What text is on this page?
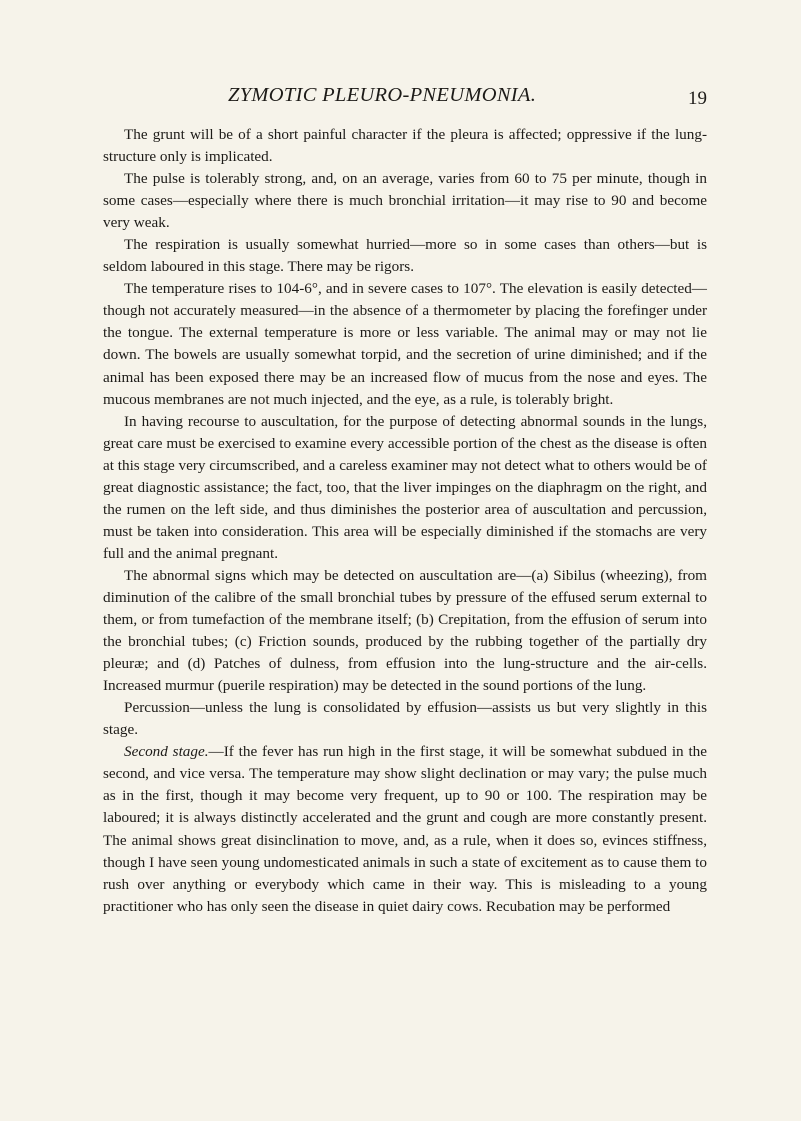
ZYMOTIC PLEURO-PNEUMONIA.	19

The grunt will be of a short painful character if the pleura is affected; oppressive if the lung-structure only is implicated.

The pulse is tolerably strong, and, on an average, varies from 60 to 75 per minute, though in some cases—especially where there is much bronchial irritation—it may rise to 90 and become very weak.

The respiration is usually somewhat hurried—more so in some cases than others—but is seldom laboured in this stage. There may be rigors.

The temperature rises to 104-6°, and in severe cases to 107°. The elevation is easily detected—though not accurately measured—in the absence of a thermometer by placing the forefinger under the tongue. The external temperature is more or less variable. The animal may or may not lie down. The bowels are usually somewhat torpid, and the secretion of urine diminished; and if the animal has been exposed there may be an increased flow of mucus from the nose and eyes. The mucous membranes are not much injected, and the eye, as a rule, is tolerably bright.

In having recourse to auscultation, for the purpose of detecting abnormal sounds in the lungs, great care must be exercised to examine every accessible portion of the chest as the disease is often at this stage very circumscribed, and a careless examiner may not detect what to others would be of great diagnostic assistance; the fact, too, that the liver impinges on the diaphragm on the right, and the rumen on the left side, and thus diminishes the posterior area of auscultation and percussion, must be taken into consideration. This area will be especially diminished if the stomachs are very full and the animal pregnant.

The abnormal signs which may be detected on auscultation are—(a) Sibilus (wheezing), from diminution of the calibre of the small bronchial tubes by pressure of the effused serum external to them, or from tumefaction of the membrane itself; (b) Crepitation, from the effusion of serum into the bronchial tubes; (c) Friction sounds, produced by the rubbing together of the partially dry pleuræ; and (d) Patches of dulness, from effusion into the lung-structure and the air-cells. Increased murmur (puerile respiration) may be detected in the sound portions of the lung.

Percussion—unless the lung is consolidated by effusion—assists us but very slightly in this stage.

Second stage.—If the fever has run high in the first stage, it will be somewhat subdued in the second, and vice versa. The temperature may show slight declination or may vary; the pulse much as in the first, though it may become very frequent, up to 90 or 100. The respiration may be laboured; it is always distinctly accelerated and the grunt and cough are more constantly present. The animal shows great disinclination to move, and, as a rule, when it does so, evinces stiffness, though I have seen young undomesticated animals in such a state of excitement as to cause them to rush over anything or everybody which came in their way. This is misleading to a young practitioner who has only seen the disease in quiet dairy cows. Recubation may be performed
